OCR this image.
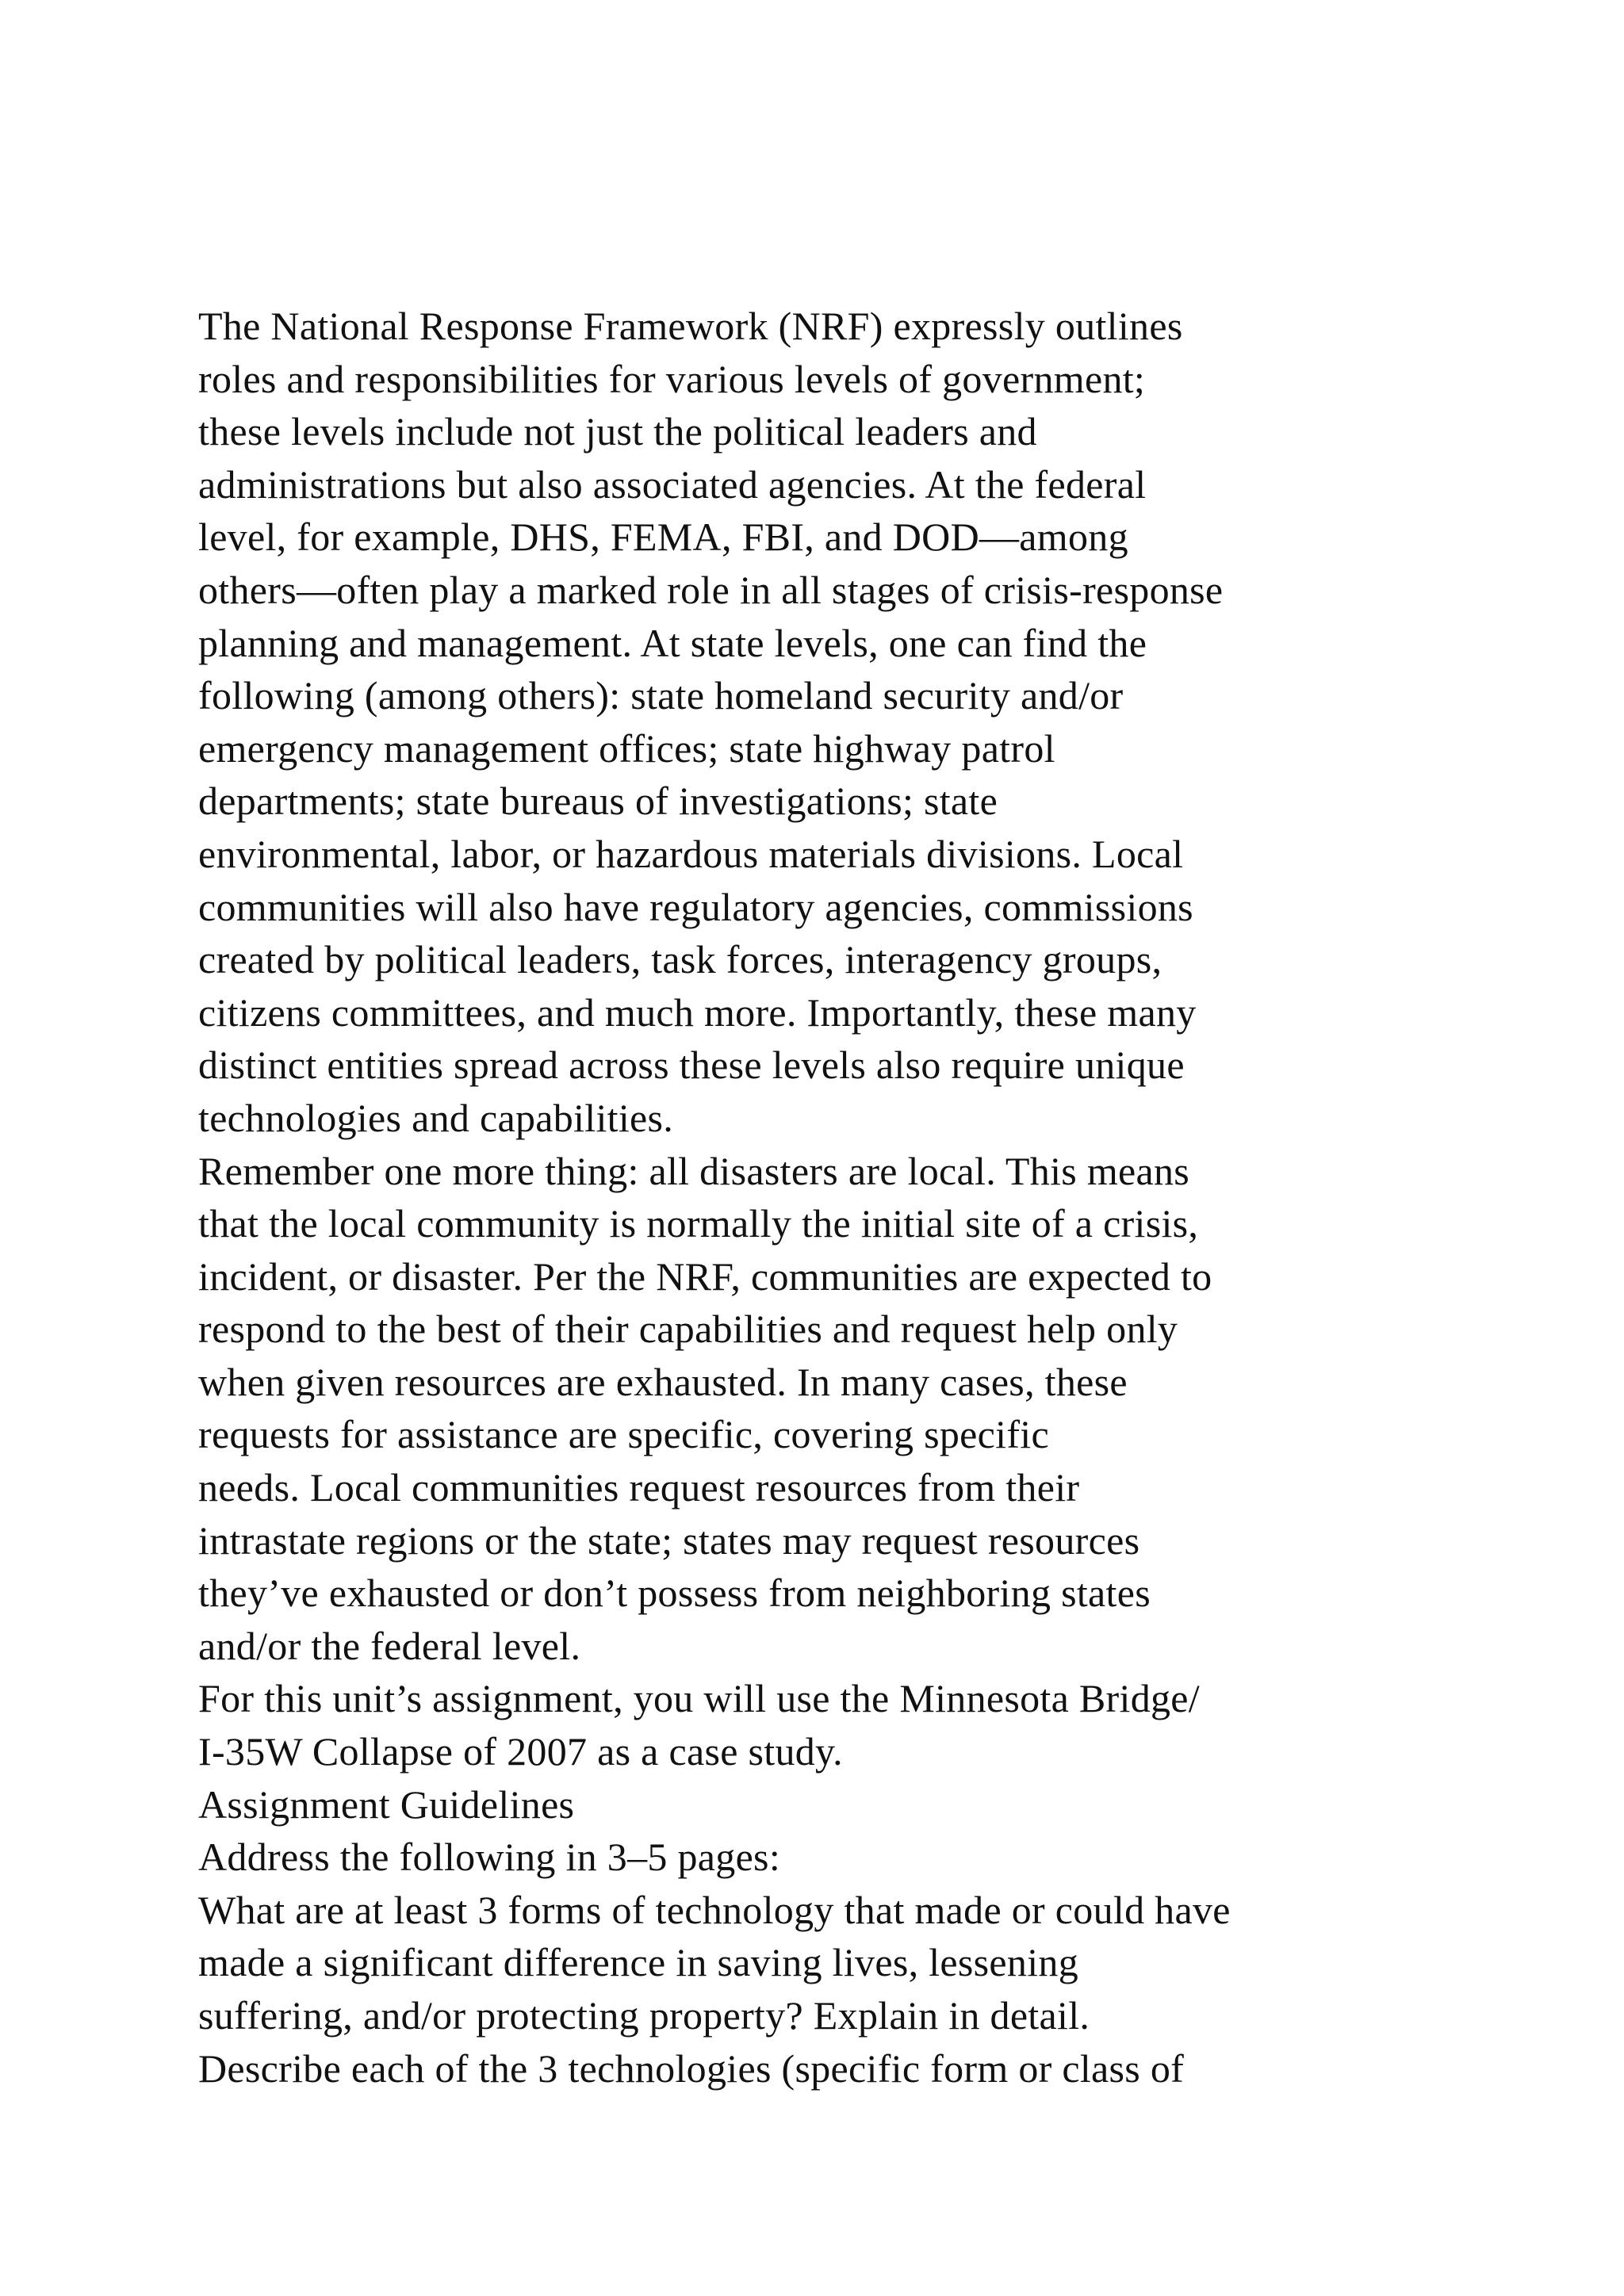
The National Response Framework (NRF) expressly outlines
roles and responsibilities for various levels of government;
these levels include not just the political leaders and
administrations but also associated agencies. At the federal
level, for example, DHS, FEMA, FBI, and DOD—among
others—often play a marked role in all stages of crisis-response
planning and management. At state levels, one can find the
following (among others): state homeland security and/or
emergency management offices; state highway patrol
departments; state bureaus of investigations; state
environmental, labor, or hazardous materials divisions. Local
communities will also have regulatory agencies, commissions
created by political leaders, task forces, interagency groups,
citizens committees, and much more. Importantly, these many
distinct entities spread across these levels also require unique
technologies and capabilities.
Remember one more thing: all disasters are local. This means
that the local community is normally the initial site of a crisis,
incident, or disaster. Per the NRF, communities are expected to
respond to the best of their capabilities and request help only
when given resources are exhausted. In many cases, these
requests for assistance are specific, covering specific
needs. Local communities request resources from their
intrastate regions or the state; states may request resources
they’ve exhausted or don’t possess from neighboring states
and/or the federal level.
For this unit’s assignment, you will use the Minnesota Bridge/
I-35W Collapse of 2007 as a case study.
Assignment Guidelines
Address the following in 3–5 pages:
What are at least 3 forms of technology that made or could have
made a significant difference in saving lives, lessening
suffering, and/or protecting property? Explain in detail.
Describe each of the 3 technologies (specific form or class of
